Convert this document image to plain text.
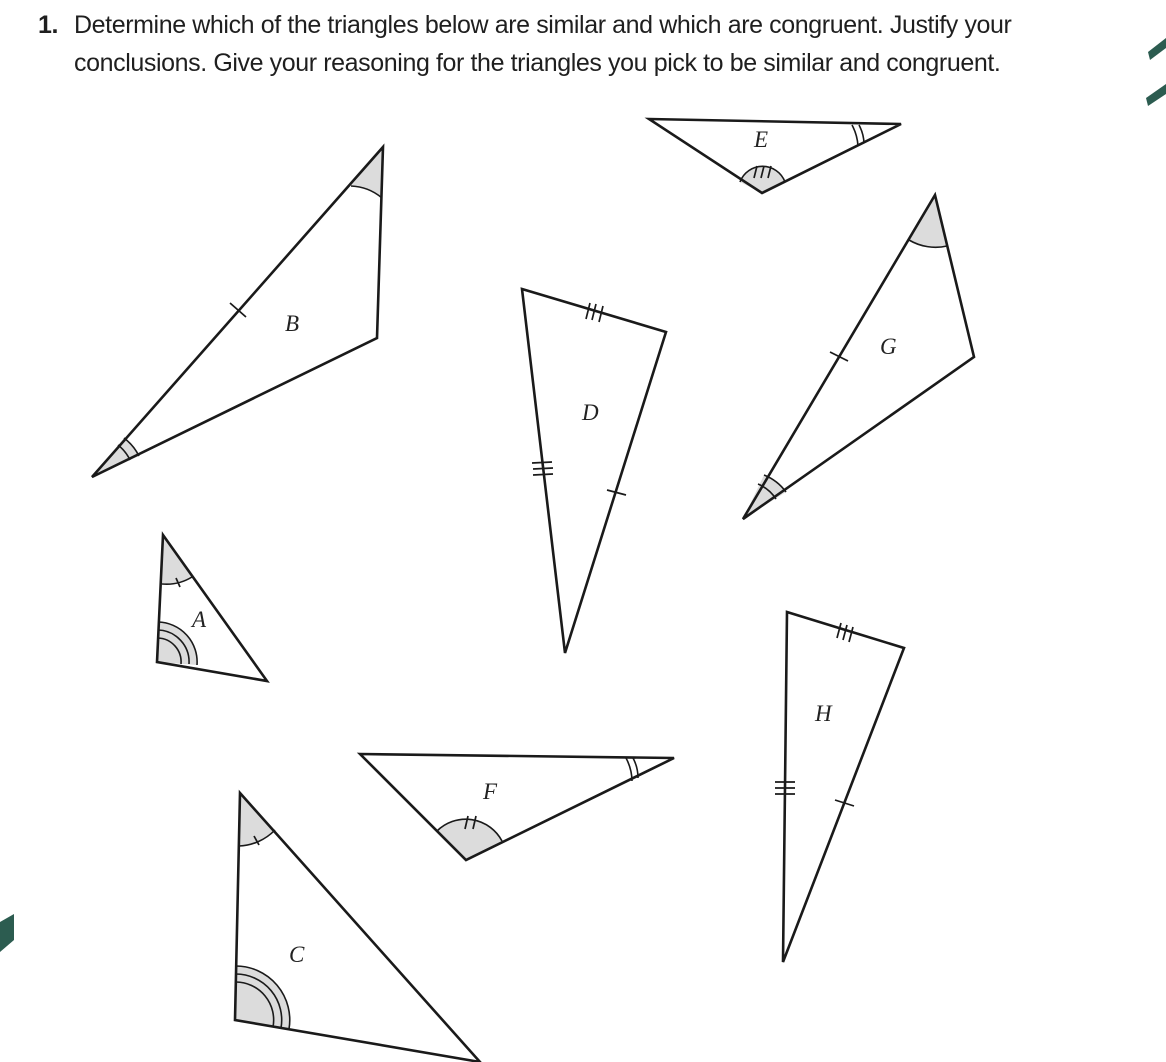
1. Determine which of the triangles below are similar and which are congruent. Justify your conclusions. Give your reasoning for the triangles you pick to be similar and congruent.
B
E
D
G
A
H
F
C
